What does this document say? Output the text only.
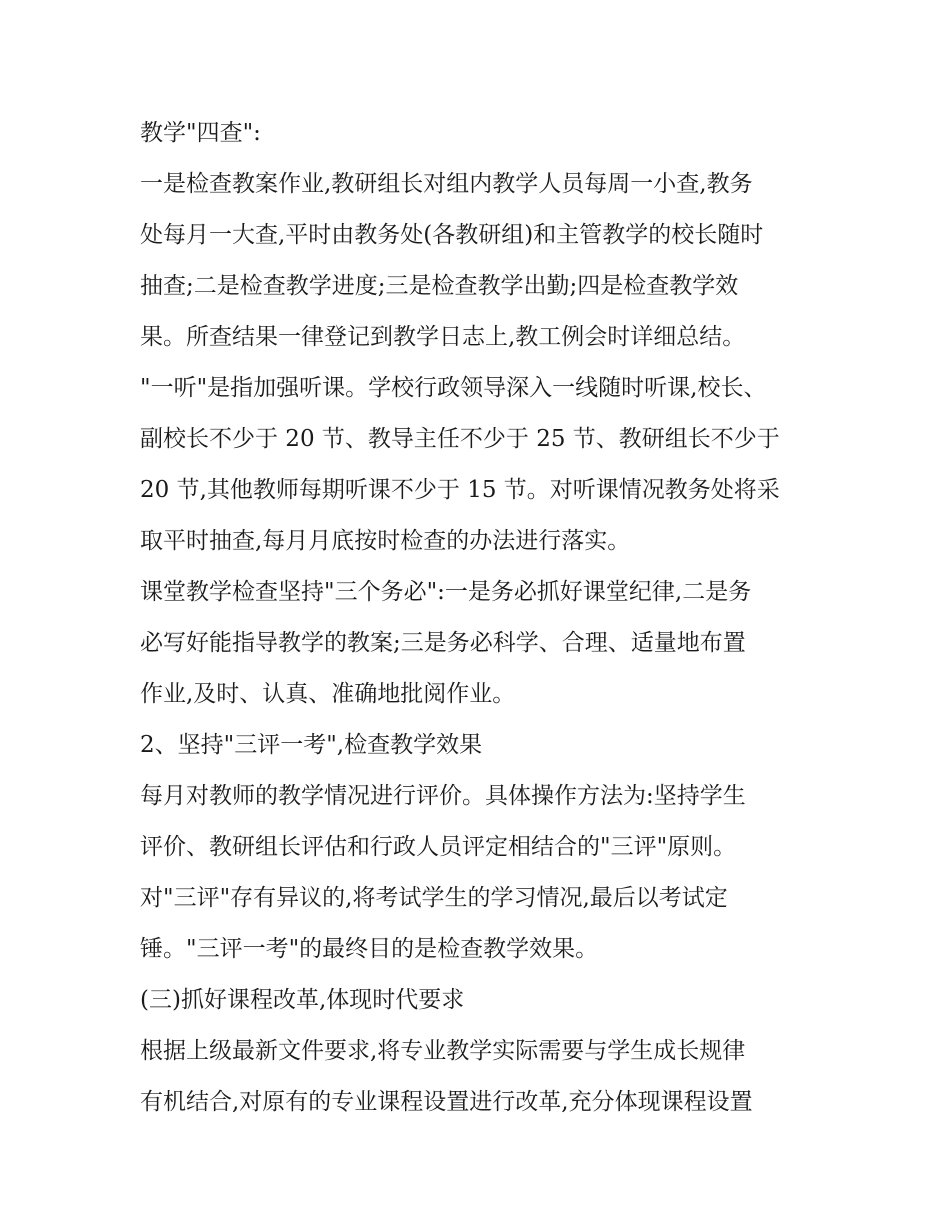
教学"四查":
一是检查教案作业,教研组长对组内教学人员每周一小查,教务
处每月一大查,平时由教务处(各教研组)和主管教学的校长随时
抽查;二是检查教学进度;三是检查教学出勤;四是检查教学效
果。所查结果一律登记到教学日志上,教工例会时详细总结。
"一听"是指加强听课。学校行政领导深入一线随时听课,校长、
副校长不少于 20 节、教导主任不少于 25 节、教研组长不少于
20 节,其他教师每期听课不少于 15 节。对听课情况教务处将采
取平时抽查,每月月底按时检查的办法进行落实。
课堂教学检查坚持"三个务必":一是务必抓好课堂纪律,二是务
必写好能指导教学的教案;三是务必科学、合理、适量地布置
作业,及时、认真、准确地批阅作业。
2、坚持"三评一考",检查教学效果
每月对教师的教学情况进行评价。具体操作方法为:坚持学生
评价、教研组长评估和行政人员评定相结合的"三评"原则。
对"三评"存有异议的,将考试学生的学习情况,最后以考试定
锤。"三评一考"的最终目的是检查教学效果。
(三)抓好课程改革,体现时代要求
根据上级最新文件要求,将专业教学实际需要与学生成长规律
有机结合,对原有的专业课程设置进行改革,充分体现课程设置
